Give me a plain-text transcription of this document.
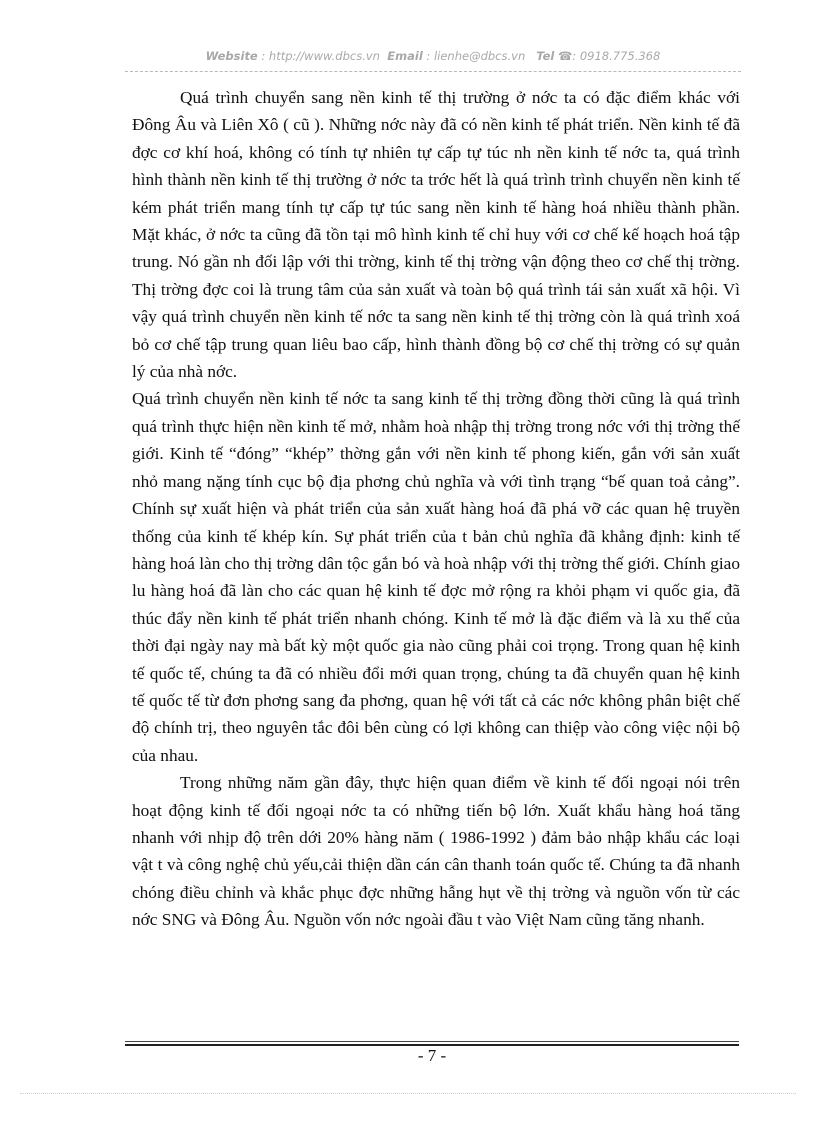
Website : http://www.dbcs.vn Email : lienhe@dbcs.vn Tel ☎: 0918.775.368

Quá trình chuyển sang nền kinh tế thị trường ở nớc ta có đặc điểm khác với Đông Âu và Liên Xô ( cũ ). Những nớc này đã có nền kinh tế phát triển. Nền kinh tế đã đợc cơ khí hoá, không có tính tự nhiên tự cấp tự túc nh nền kinh tế nớc ta, quá trình hình thành nền kinh tế thị trường ở nớc ta trớc hết là quá trình trình chuyển nền kinh tế kém phát triển mang tính tự cấp tự túc sang nền kinh tế hàng hoá nhiều thành phần. Mặt khác, ở nớc ta cũng đã tồn tại mô hình kinh tế chỉ huy với cơ chế kế hoạch hoá tập trung. Nó gần nh đối lập với thi trờng, kinh tế thị trờng vận động theo cơ chế thị trờng. Thị trờng đợc coi là trung tâm của sản xuất và toàn bộ quá trình tái sản xuất xã hội. Vì vậy quá trình chuyển nền kinh tế nớc ta sang nền kinh tế thị trờng còn là quá trình xoá bỏ cơ chế tập trung quan liêu bao cấp, hình thành đồng bộ cơ chế thị trờng có sự quản lý của nhà nớc.

Quá trình chuyển nền kinh tế nớc ta sang kinh tế thị trờng đồng thời cũng là quá trình quá trình thực hiện nền kinh tế mở, nhằm hoà nhập thị trờng trong nớc với thị trờng thế giới. Kinh tế “đóng” “khép” thờng gắn với nền kinh tế phong kiến, gắn với sản xuất nhỏ mang nặng tính cục bộ địa phơng chủ nghĩa và với tình trạng “bế quan toả cảng”. Chính sự xuất hiện và phát triển của sản xuất hàng hoá đã phá vỡ các quan hệ truyền thống của kinh tế khép kín. Sự phát triển của t bản chủ nghĩa đã khẳng định: kinh tế hàng hoá làn cho thị trờng dân tộc gắn bó và hoà nhập với thị trờng thế giới. Chính giao lu hàng hoá đã làn cho các quan hệ kinh tế đợc mở rộng ra khỏi phạm vi quốc gia, đã thúc đẩy nền kinh tế phát triển nhanh chóng. Kinh tế mở là đặc điểm và là xu thế của thời đại ngày nay mà bất kỳ một quốc gia nào cũng phải coi trọng. Trong quan hệ kinh tế quốc tế, chúng ta đã có nhiều đổi mới quan trọng, chúng ta đã chuyển quan hệ kinh tế quốc tế từ đơn phơng sang đa phơng, quan hệ với tất cả các nớc không phân biệt chế độ chính trị, theo nguyên tắc đôi bên cùng có lợi không can thiệp vào công việc nội bộ của nhau.

Trong những năm gần đây, thực hiện quan điểm về kinh tế đối ngoại nói trên hoạt động kinh tế đối ngoại nớc ta có những tiến bộ lớn. Xuất khẩu hàng hoá tăng nhanh với nhịp độ trên dới 20% hàng năm ( 1986-1992 ) đảm bảo nhập khẩu các loại vật t và công nghệ chủ yếu,cải thiện dần cán cân thanh toán quốc tế. Chúng ta đã nhanh chóng điều chỉnh và khắc phục đợc những hẫng hụt về thị trờng và nguồn vốn từ các nớc SNG và Đông Âu. Nguồn vốn nớc ngoài đầu t vào Việt Nam cũng tăng nhanh.

- 7 -
